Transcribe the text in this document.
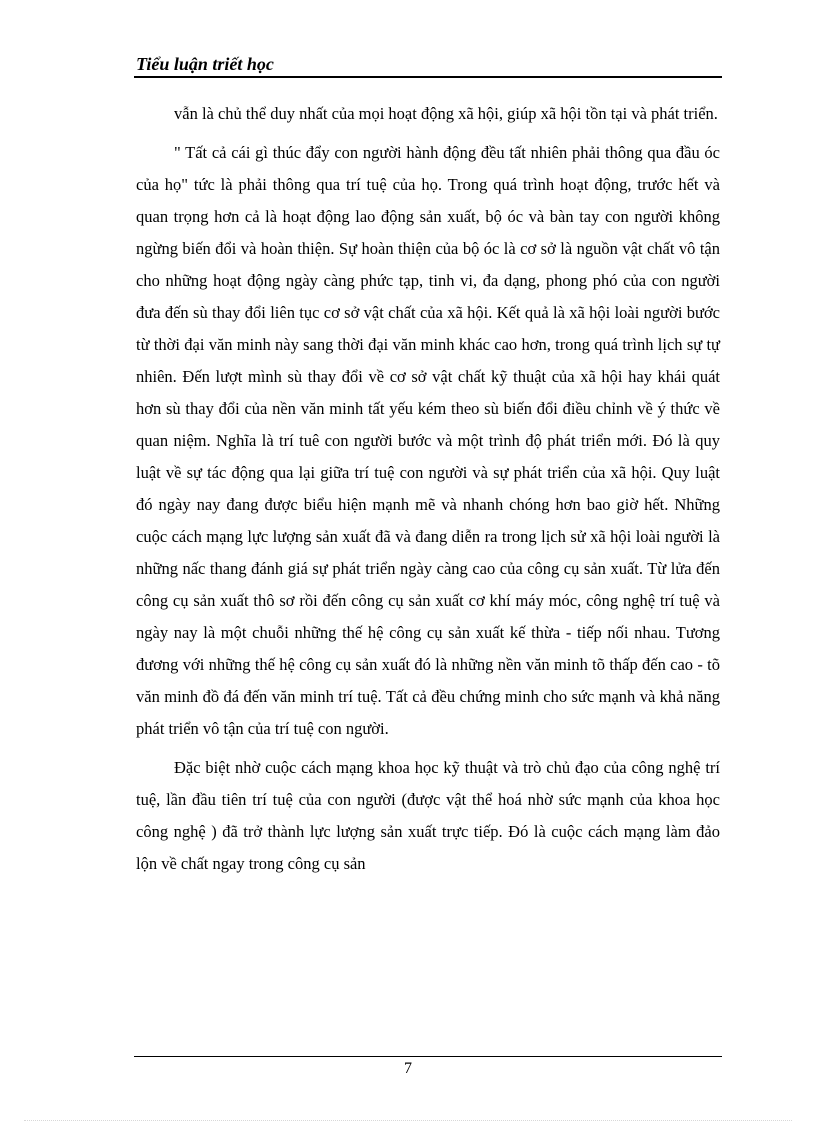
Tiểu luận triết học

vẫn là chủ thể duy nhất của mọi hoạt động xã hội, giúp xã hội tồn tại và phát triển.

" Tất cả cái gì thúc đẩy con người hành động đều tất nhiên phải thông qua đầu óc của họ" tức là phải thông qua trí tuệ của họ. Trong quá trình hoạt động, trước hết và quan trọng hơn cả là hoạt động lao động sản xuất, bộ óc và bàn tay con người không ngừng biến đổi và hoàn thiện. Sự hoàn thiện của bộ óc là cơ sở là nguồn vật chất vô tận cho những hoạt động ngày càng phức tạp, tinh vi, đa dạng, phong phó của con người đưa đến sù thay đổi liên tục cơ sở vật chất của xã hội. Kết quả là xã hội loài người bước từ thời đại văn minh này sang thời đại văn minh khác cao hơn, trong quá trình lịch sự tự nhiên. Đến lượt mình sù thay đổi về cơ sở vật chất kỹ thuật của xã hội hay khái quát hơn sù thay đổi của nền văn minh tất yếu kém theo sù biến đổi điều chỉnh về ý thức về quan niệm. Nghĩa là trí tuê con người bước và một trình độ phát triển mới. Đó là quy luật về sự tác động qua lại giữa trí tuệ con người và sự phát triển của xã hội. Quy luật đó ngày nay đang được biểu hiện mạnh mẽ và nhanh chóng hơn bao giờ hết. Những cuộc cách mạng lực lượng sản xuất đã và đang diễn ra trong lịch sử xã hội loài người là những nấc thang đánh giá sự phát triển ngày càng cao của công cụ sản xuất. Từ lửa đến công cụ sản xuất thô sơ rồi đến công cụ sản xuất cơ khí máy móc, công nghệ trí tuệ và ngày nay là một chuỗi những thế hệ công cụ sản xuất kế thừa - tiếp nối nhau. Tương đương với những thế hệ công cụ sản xuất đó là những nền văn minh tõ thấp đến cao - tõ văn minh đồ đá đến văn minh trí tuệ. Tất cả đều chứng minh cho sức mạnh và khả năng phát triển vô tận của trí tuệ con người.

Đặc biệt nhờ cuộc cách mạng khoa học kỹ thuật và trò chủ đạo của công nghệ trí tuệ, lần đầu tiên trí tuệ của con người (được vật thể hoá nhờ sức mạnh của khoa học công nghệ ) đã trở thành lực lượng sản xuất trực tiếp. Đó là cuộc cách mạng làm đảo lộn về chất ngay trong công cụ sản

7
